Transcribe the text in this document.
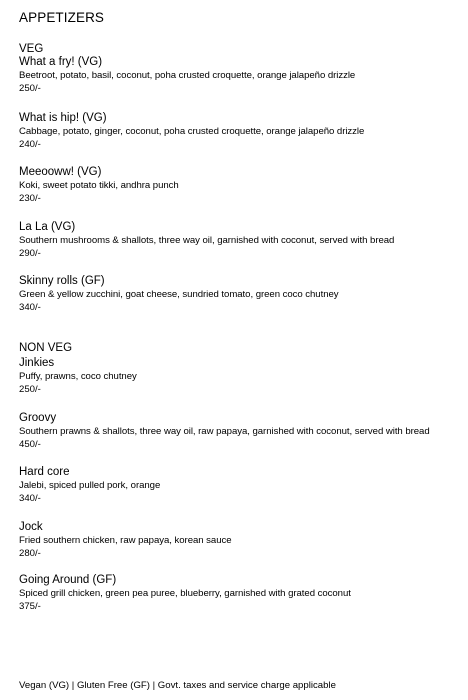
APPETIZERS
VEG
What a fry! (VG)
Beetroot, potato, basil, coconut, poha crusted croquette, orange jalapeño drizzle
250/-
What is hip! (VG)
Cabbage, potato, ginger, coconut, poha crusted croquette, orange jalapeño drizzle
240/-
Meeooww! (VG)
Koki, sweet potato tikki, andhra punch
230/-
La La (VG)
Southern mushrooms & shallots, three way oil, garnished with coconut, served with bread
290/-
Skinny rolls (GF)
Green & yellow zucchini, goat cheese, sundried tomato, green coco chutney
340/-
NON VEG
Jinkies
Puffy, prawns, coco chutney
250/-
Groovy
Southern prawns & shallots, three way oil, raw papaya, garnished with coconut, served with bread
450/-
Hard core
Jalebi, spiced pulled pork, orange
340/-
Jock
Fried southern chicken, raw papaya, korean sauce
280/-
Going Around (GF)
Spiced grill chicken, green pea puree, blueberry, garnished with grated coconut
375/-
Vegan (VG) | Gluten Free (GF) | Govt. taxes and service charge applicable
